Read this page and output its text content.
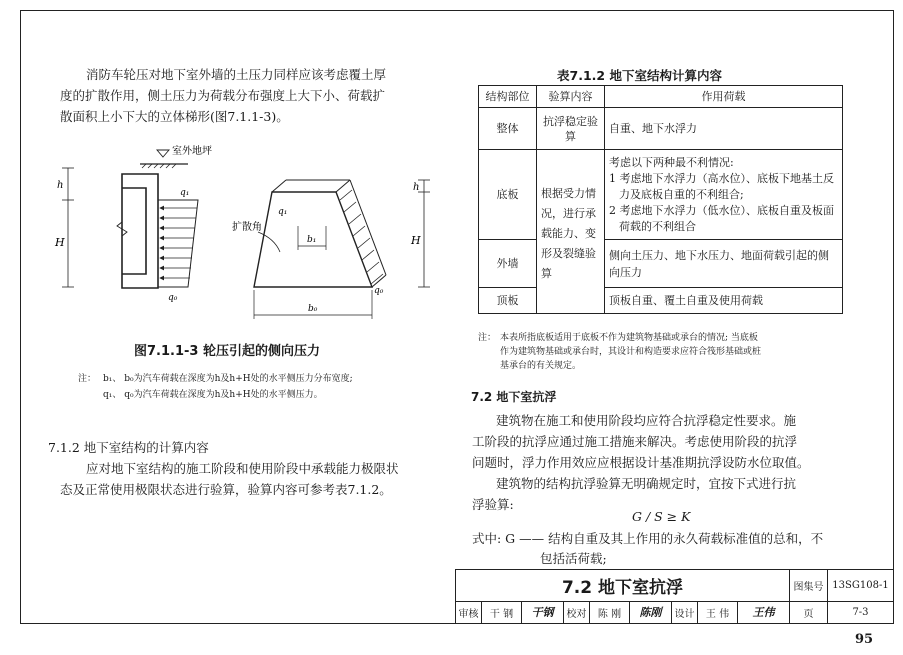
消防车轮压对地下室外墙的土压力同样应该考虑覆土厚
度的扩散作用，侧土压力为荷载分布强度上大下小、荷载扩
散面积上小下大的立体梯形(图7.1.1-3)。
室外地坪
h
H
q₁
q₀
q₁
q₀
b₁
扩散角
b₀
h
H
图7.1.1-3 轮压引起的侧向压力
注： b₁、 b₀为汽车荷载在深度为h及h+H处的水平侧压力分布宽度;
q₁、 q₀为汽车荷载在深度为h及h+H处的水平侧压力。
7.1.2 地下室结构的计算内容
应对地下室结构的施工阶段和使用阶段中承载能力极限状
态及正常使用极限状态进行验算，验算内容可参考表7.1.2。
表7.1.2 地下室结构计算内容
结构部位	验算内容	作用荷载
整体	抗浮稳定验算	自重、地下水浮力
底板	根据受力情况，进行承载能力、变形及裂缝验算	考虑以下两种最不利情况:
1 考虑地下水浮力（高水位）、底板下地基土反力及底板自重的不利组合;
2 考虑地下水浮力（低水位）、底板自重及板面荷载的不利组合

外墙		侧向土压力、地下水压力、地面荷载引起的侧向压力
顶板		顶板自重、覆土自重及使用荷载
注： 本表所指底板适用于底板不作为建筑物基础或承台的情况; 当底板
作为建筑物基础或承台时，其设计和构造要求应符合筏形基础或桩
基承台的有关规定。
7.2 地下室抗浮
建筑物在施工和使用阶段均应符合抗浮稳定性要求。施
工阶段的抗浮应通过施工措施来解决。考虑使用阶段的抗浮
问题时，浮力作用效应应根据设计基准期抗浮设防水位取值。
建筑物的结构抗浮验算无明确规定时，宜按下式进行抗
浮验算:
G / S ≥ K
式中: G —— 结构自重及其上作用的永久荷载标准值的总和，不
包括活荷载;
7.2 地下室抗浮									图集号	13SG108-1
审核	干 钢	干钢	校对	陈 刚	陈刚	设计	王 伟	王伟	页	7-3
95
